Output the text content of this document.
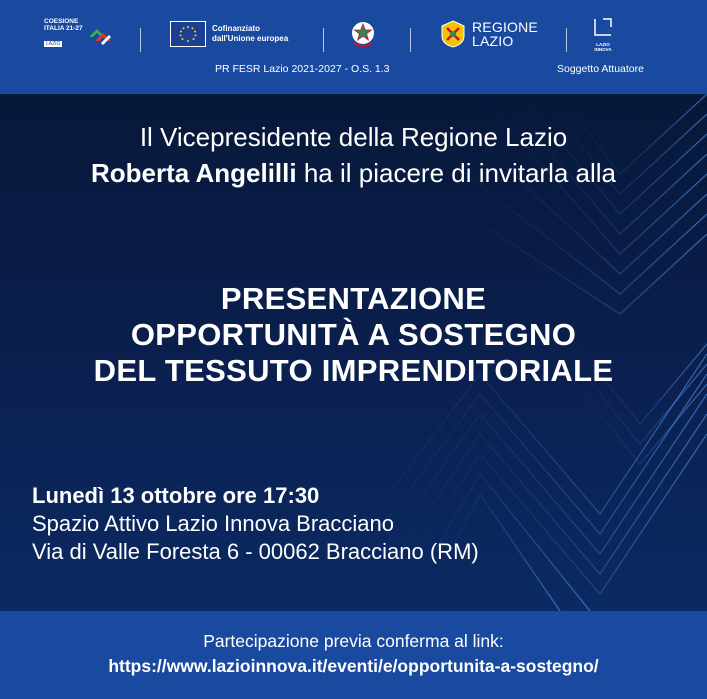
COESIONE
ITALIA 21-27
LAZIO
Cofinanziato
dall'Unione europea
REGIONE
LAZIO	LAZIO
INNOVA
PR FESR Lazio 2021-2027 - O.S. 1.3	Soggetto Attuatore
Il Vicepresidente della Regione Lazio
Roberta Angelilli ha il piacere di invitarla alla
PRESENTAZIONE
OPPORTUNITÀ A SOSTEGNO
DEL TESSUTO IMPRENDITORIALE
Lunedì 13 ottobre ore 17:30
Spazio Attivo Lazio Innova Bracciano
Via di Valle Foresta 6 - 00062 Bracciano (RM)
Partecipazione previa conferma al link:
https://www.lazioinnova.it/eventi/e/opportunita-a-sostegno/
